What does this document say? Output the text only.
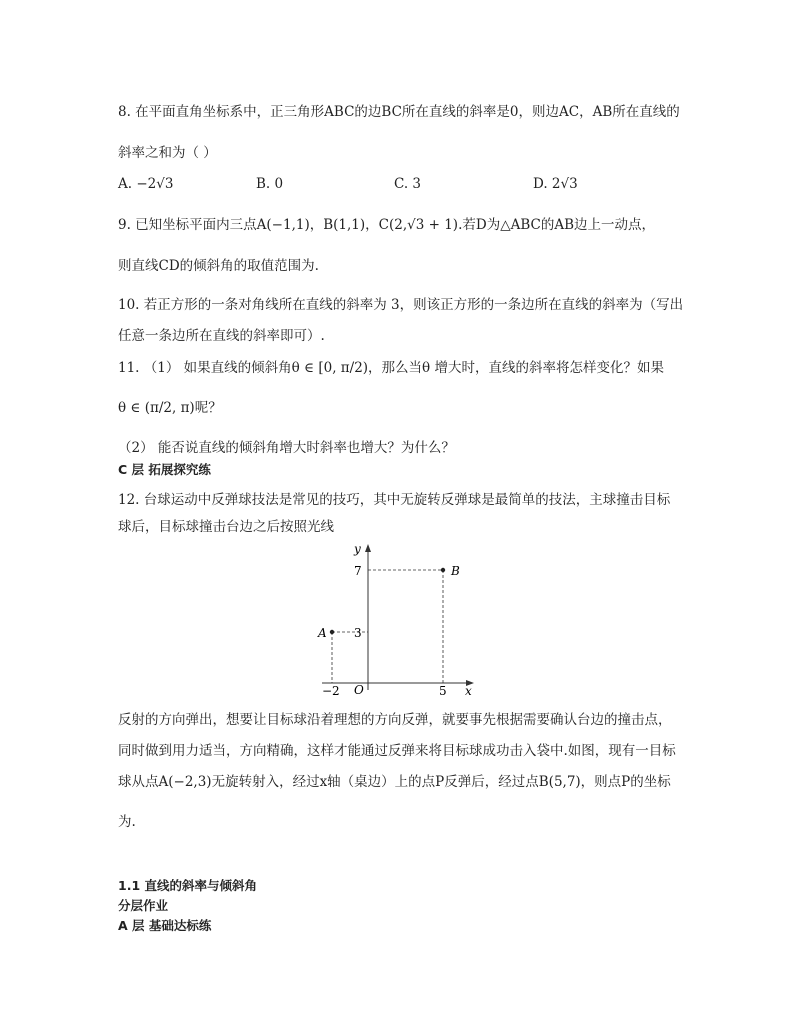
8. 在平面直角坐标系中，正三角形ABC的边BC所在直线的斜率是0，则边AC，AB所在直线的
斜率之和为（ ）
A. −2√3	B. 0	C. 3	D. 2√3
9. 已知坐标平面内三点A(−1,1)，B(1,1)，C(2,√3 + 1).若D为△ABC的AB边上一动点，
则直线CD的倾斜角的取值范围为.
10. 若正方形的一条对角线所在直线的斜率为 3，则该正方形的一条边所在直线的斜率为（写出
任意一条边所在直线的斜率即可）.
11. （1） 如果直线的倾斜角θ ∈ [0, π/2)，那么当θ 增大时，直线的斜率将怎样变化？如果
θ ∈ (π/2, π)呢？
（2） 能否说直线的倾斜角增大时斜率也增大？为什么？
C 层 拓展探究练
12. 台球运动中反弹球技法是常见的技巧，其中无旋转反弹球是最简单的技法，主球撞击目标
球后，目标球撞击台边之后按照光线
y
x
O
7
3
−2	5
A
B
反射的方向弹出，想要让目标球沿着理想的方向反弹，就要事先根据需要确认台边的撞击点，
同时做到用力适当，方向精确，这样才能通过反弹来将目标球成功击入袋中.如图，现有一目标
球从点A(−2,3)无旋转射入，经过x轴（桌边）上的点P反弹后，经过点B(5,7)，则点P的坐标
为.
1.1 直线的斜率与倾斜角
分层作业
A 层 基础达标练
